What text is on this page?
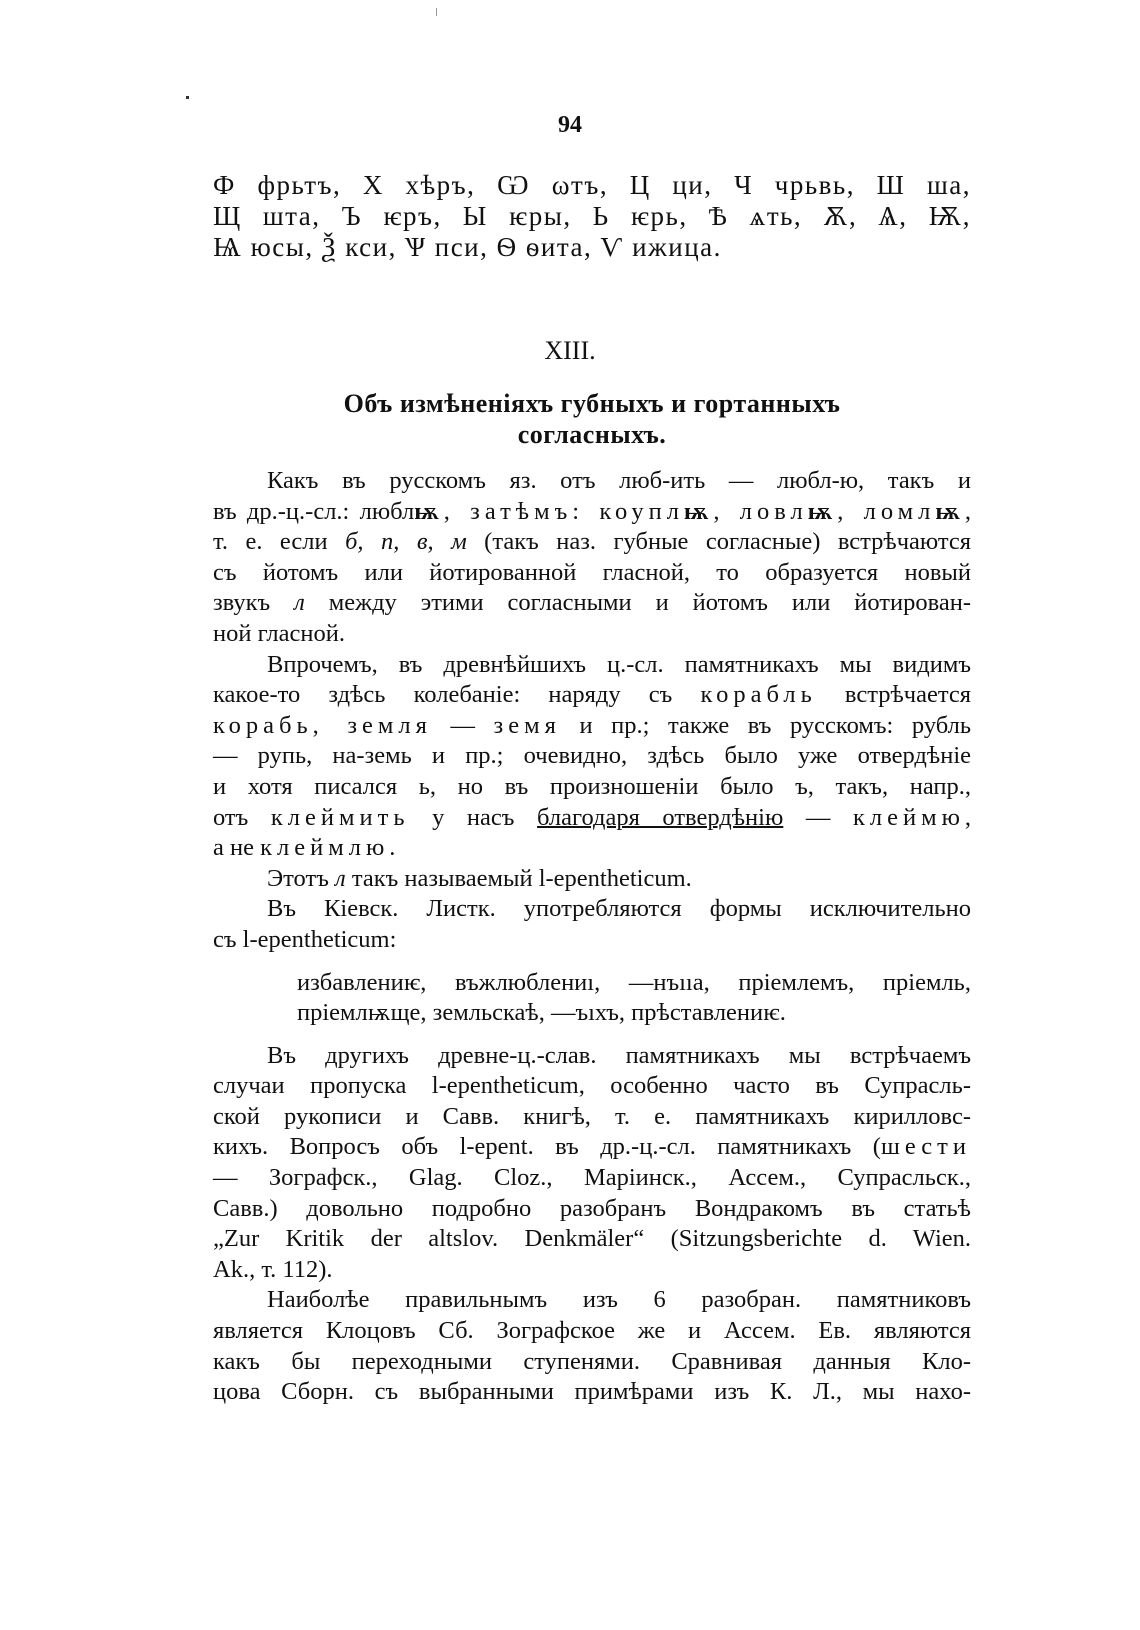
94

Ф фрьтъ, Х хѣръ, Ѡ ωтъ, Ц ци, Ч чрьвь, Ш ша,

Щ шта, Ъ ѥръ, Ы ѥры, Ь ѥрь, Ѣ ѧть, Ѫ, Ѧ, Ѭ,

Ѩ юсы, Ѯ кси, Ѱ пси, Ѳ ѳита, Ѵ ижица.

XIII.
Объ измѣненіяхъ губныхъ и гортанныхъ
согласныхъ.

Какъ въ русскомъ яз. отъ люб-ить — любл-ю, такъ и
въ др.-ц.-сл.: люблѭ, затѣмъ: коуплѭ, ловлѭ, ломлѭ,
т. е. если б, п, в, м (такъ наз. губные согласные) встрѣчаются
съ йотомъ или йотированной гласной, то образуется новый
звукъ л между этими согласными и йотомъ или йотирован-
ной гласной.

Впрочемъ, въ древнѣйшихъ ц.-сл. памятникахъ мы видимъ
какое-то здѣсь колебаніе: наряду съ корабль встрѣчается
корабь, земля — земя и пр.; также въ русскомъ: рубль
— рупь, на-земь и пр.; очевидно, здѣсь было уже отвердѣніе
и хотя писался ь, но въ произношеніи было ъ, такъ, напр.,
отъ клеймить у насъ благодаря отвердѣнію — клеймю,
а не клеймлю.

Этотъ л такъ называемый l-epentheticum.

Въ Кіевск. Листк. употребляются формы исключительно
съ l-epentheticum:

избавлениѥ, въжлюблениı, —нъııа, пріемлемъ, пріемль,
пріемлѭще, земльскаѣ, —ъıхъ, прѣставлениѥ.

Въ другихъ древне-ц.-слав. памятникахъ мы встрѣчаемъ
случаи пропуска l-epentheticum, особенно часто въ Супрасль-
ской рукописи и Савв. книгѣ, т. е. памятникахъ кирилловс-
кихъ. Вопросъ объ l-epent. въ др.-ц.-сл. памятникахъ (шести
— Зографск., Glag. Cloz., Маріинск., Ассем., Супрасльск.,
Савв.) довольно подробно разобранъ Вондракомъ въ статьѣ
„Zur Kritik der altslov. Denkmäler“ (Sitzungsberichte d. Wien.
Ak., т. 112).

Наиболѣе правильнымъ изъ 6 разобран. памятниковъ
является Клоцовъ Сб. Зографское же и Ассем. Ев. являются
какъ бы переходными ступенями. Сравнивая данныя Кло-
цова Сборн. съ выбранными примѣрами изъ К. Л., мы нахо-
